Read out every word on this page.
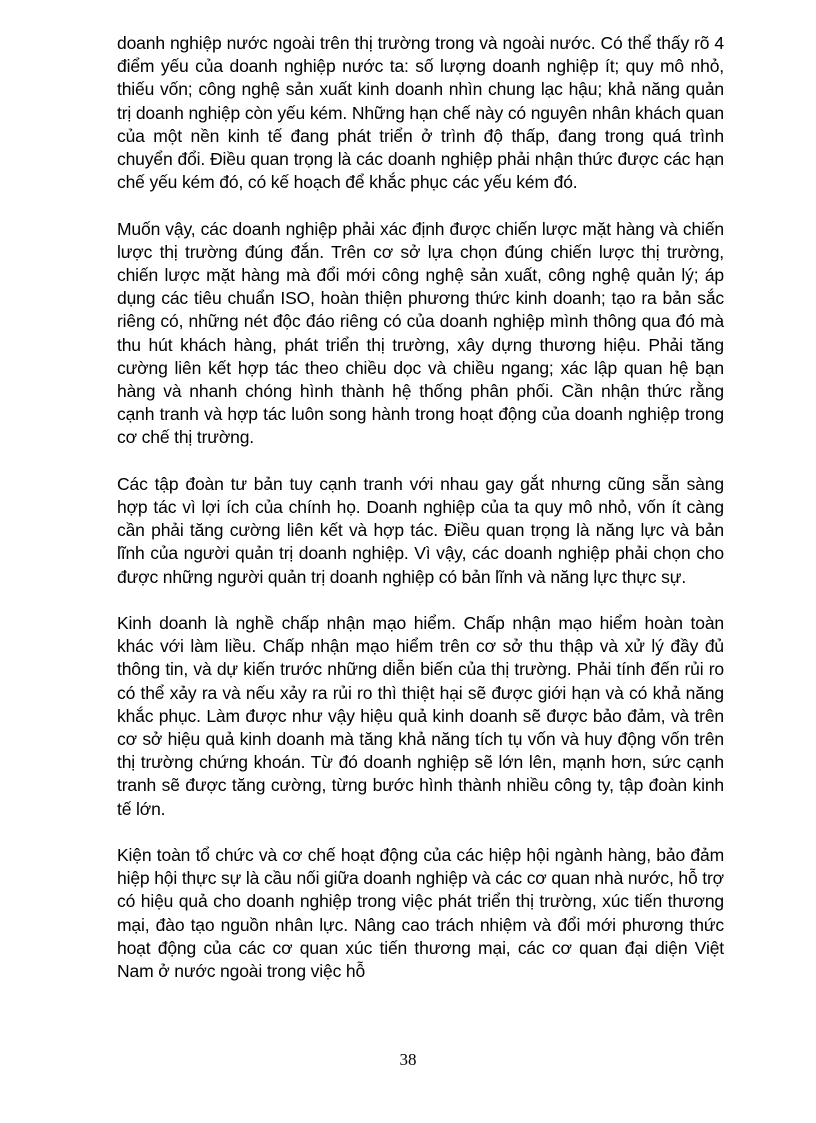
doanh nghiệp nước ngoài trên thị trường trong và ngoài nước. Có thể thấy rõ 4 điểm yếu của doanh nghiệp nước ta: số lượng doanh nghiệp ít; quy mô nhỏ, thiếu vốn; công nghệ sản xuất kinh doanh nhìn chung lạc hậu; khả năng quản trị doanh nghiệp còn yếu kém. Những hạn chế này có nguyên nhân khách quan của một nền kinh tế đang phát triển ở trình độ thấp, đang trong quá trình chuyển đổi. Điều quan trọng là các doanh nghiệp phải nhận thức được các hạn chế yếu kém đó, có kế hoạch để khắc phục các yếu kém đó.

Muốn vậy, các doanh nghiệp phải xác định được chiến lược mặt hàng và chiến lược thị trường đúng đắn. Trên cơ sở lựa chọn đúng chiến lược thị trường, chiến lược mặt hàng mà đổi mới công nghệ sản xuất, công nghệ quản lý; áp dụng các tiêu chuẩn ISO, hoàn thiện phương thức kinh doanh; tạo ra bản sắc riêng có, những nét độc đáo riêng có của doanh nghiệp mình thông qua đó mà thu hút khách hàng, phát triển thị trường, xây dựng thương hiệu. Phải tăng cường liên kết hợp tác theo chiều dọc và chiều ngang; xác lập quan hệ bạn hàng và nhanh chóng hình thành hệ thống phân phối. Cần nhận thức rằng cạnh tranh và hợp tác luôn song hành trong hoạt động của doanh nghiệp trong cơ chế thị trường.

Các tập đoàn tư bản tuy cạnh tranh với nhau gay gắt nhưng cũng sẵn sàng hợp tác vì lợi ích của chính họ. Doanh nghiệp của ta quy mô nhỏ, vốn ít càng cần phải tăng cường liên kết và hợp tác. Điều quan trọng là năng lực và bản lĩnh của người quản trị doanh nghiệp. Vì vậy, các doanh nghiệp phải chọn cho được những người quản trị doanh nghiệp có bản lĩnh và năng lực thực sự.

Kinh doanh là nghề chấp nhận mạo hiểm. Chấp nhận mạo hiểm hoàn toàn khác với làm liều. Chấp nhận mạo hiểm trên cơ sở thu thập và xử lý đầy đủ thông tin, và dự kiến trước những diễn biến của thị trường. Phải tính đến rủi ro có thể xảy ra và nếu xảy ra rủi ro thì thiệt hại sẽ được giới hạn và có khả năng khắc phục. Làm được như vậy hiệu quả kinh doanh sẽ được bảo đảm, và trên cơ sở hiệu quả kinh doanh mà tăng khả năng tích tụ vốn và huy động vốn trên thị trường chứng khoán. Từ đó doanh nghiệp sẽ lớn lên, mạnh hơn, sức cạnh tranh sẽ được tăng cường, từng bước hình thành nhiều công ty, tập đoàn kinh tế lớn.

Kiện toàn tổ chức và cơ chế hoạt động của các hiệp hội ngành hàng, bảo đảm hiệp hội thực sự là cầu nối giữa doanh nghiệp và các cơ quan nhà nước, hỗ trợ có hiệu quả cho doanh nghiệp trong việc phát triển thị trường, xúc tiến thương mại, đào tạo nguồn nhân lực. Nâng cao trách nhiệm và đổi mới phương thức hoạt động của các cơ quan xúc tiến thương mại, các cơ quan đại diện Việt Nam ở nước ngoài trong việc hỗ

38
